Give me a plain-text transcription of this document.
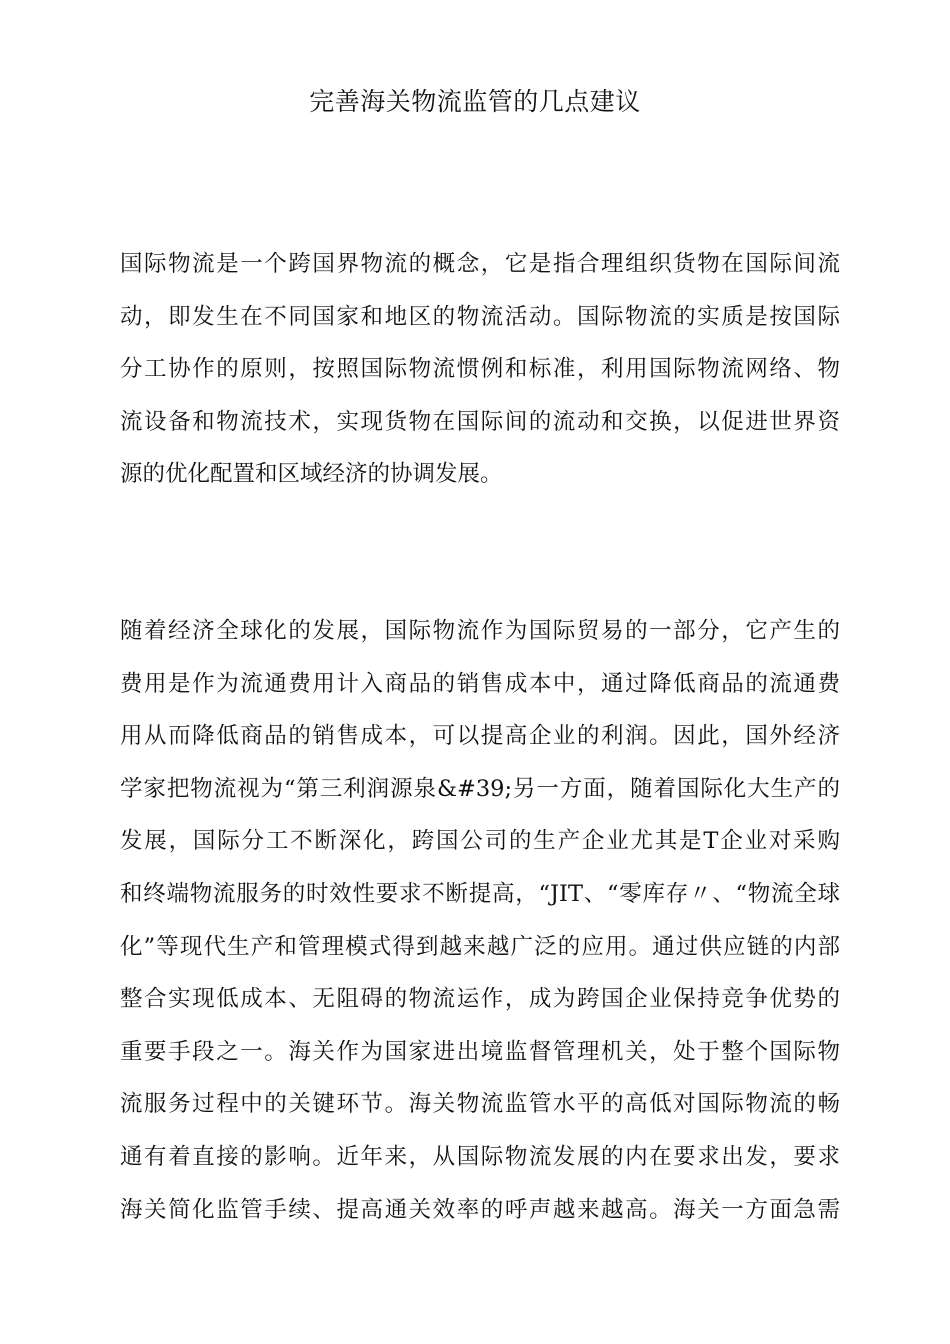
完善海关物流监管的几点建议
国际物流是一个跨国界物流的概念，它是指合理组织货物在国际间流
动，即发生在不同国家和地区的物流活动。国际物流的实质是按国际
分工协作的原则，按照国际物流惯例和标准，利用国际物流网络、物
流设备和物流技术，实现货物在国际间的流动和交换，以促进世界资
源的优化配置和区域经济的协调发展。
随着经济全球化的发展，国际物流作为国际贸易的一部分，它产生的
费用是作为流通费用计入商品的销售成本中，通过降低商品的流通费
用从而降低商品的销售成本，可以提高企业的利润。因此，国外经济
学家把物流视为“第三利润源泉&#39;另一方面，随着国际化大生产的
发展，国际分工不断深化，跨国公司的生产企业尤其是T企业对采购
和终端物流服务的时效性要求不断提高，“JIT、“零库存〃、“物流全球
化”等现代生产和管理模式得到越来越广泛的应用。通过供应链的内部
整合实现低成本、无阻碍的物流运作，成为跨国企业保持竞争优势的
重要手段之一。海关作为国家进出境监督管理机关，处于整个国际物
流服务过程中的关键环节。海关物流监管水平的高低对国际物流的畅
通有着直接的影响。近年来，从国际物流发展的内在要求出发，要求
海关简化监管手续、提高通关效率的呼声越来越高。海关一方面急需
